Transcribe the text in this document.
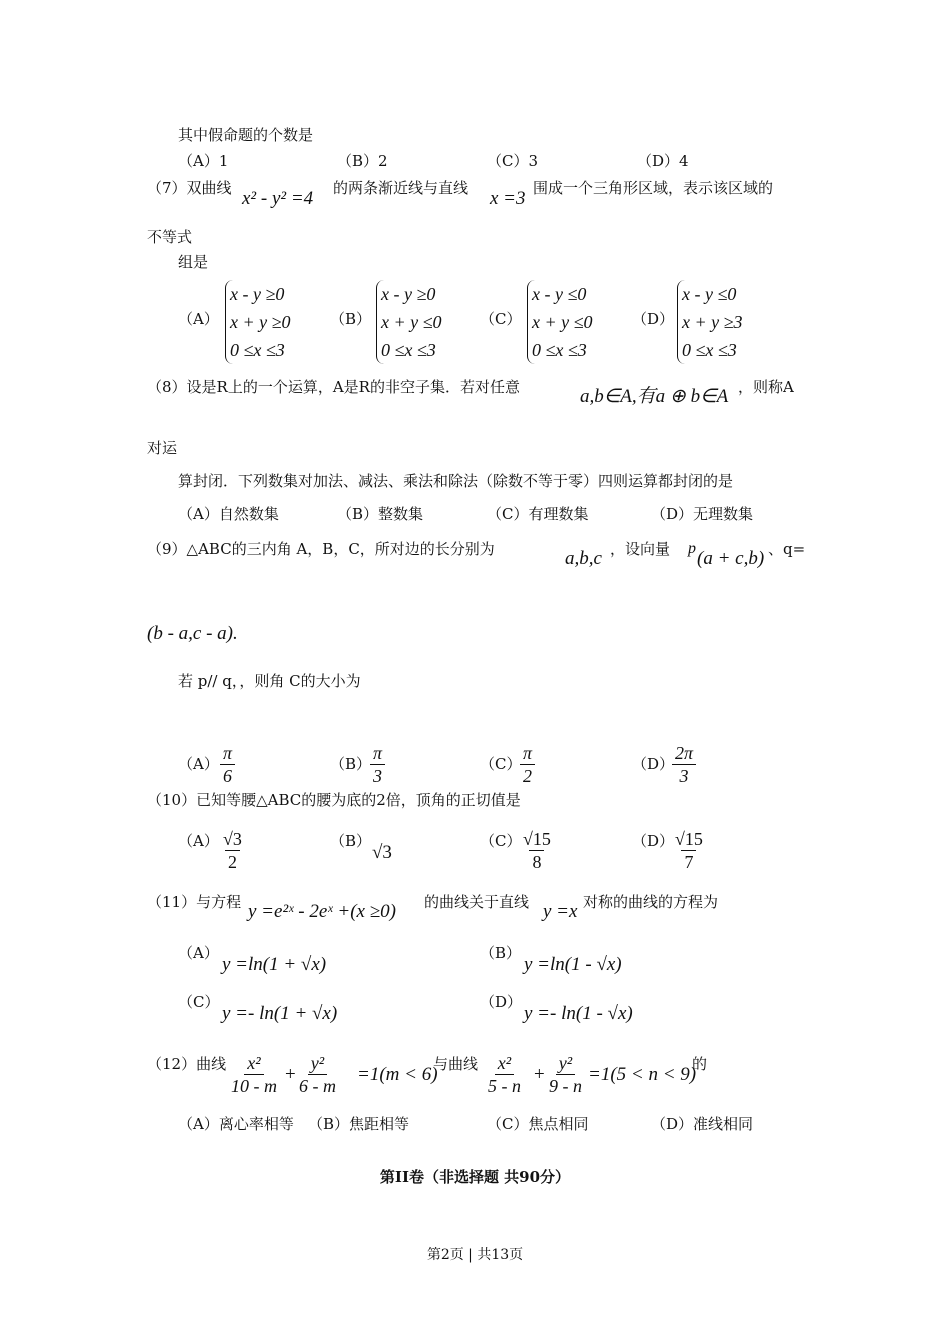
其中假命题的个数是
（A）1	（B）2	（C）3	（D）4
（7）双曲线 x² - y² =4 的两条渐近线与直线 x =3 围成一个三角形区域，表示该区域的
不等式
组是
（A）
x - y ≥0
x + y ≥0
0 ≤x ≤3
（B）
x - y ≥0
x + y ≤0
0 ≤x ≤3
（C）
x - y ≤0
x + y ≤0
0 ≤x ≤3
（D）
x - y ≤0
x + y ≥3
0 ≤x ≤3
（8）设是R上的一个运算，A是R的非空子集．若对任意	a,b∈A,有a ⊕ b∈A ，则称A
对运
算封闭．下列数集对加法、减法、乘法和除法（除数不等于零）四则运算都封闭的是
（A）自然数集	（B）整数集	（C）有理数集	（D）无理数集
（9）△ABC的三内角 A，B，C，所对边的长分别为	a,b,c ，设向量 p (a + c,b) 、q=
(b - a,c - a).
若 p// q，，则角 C的大小为
$(A) \frac{\pi}{6}$	（B）
$\frac{\pi}{3}$	（C）
$\frac{\pi}{2}$	（D）
$\frac{2\pi}{3}$
（10）已知等腰△ABC的腰为底的2倍，顶角的正切值是
$(A) \frac{√3}{2}$	（B）
√3
（C）
$\frac{√15}{8}$	（D）
$\frac{√15}{7}$
（11）与方程 y =e²ˣ - 2eˣ +(x ≥0) 的曲线关于直线 y =x 对称的曲线的方程为
（A）
y =ln(1 + √x)
（B）
y =ln(1 - √x)
（C）
y =- ln(1 + √x)
（D）
y =- ln(1 - √x)
（12）曲线 $\frac{\text{x²}}{10 - m} + \frac{\text{y²}}{6 - m} =1(m < 6)$
与曲线 $\frac{\text{x²}}{5 - n} + \frac{\text{y²}}{9 - n} =1(5 < n < 9)$
的
（A）离心率相等 （B）焦距相等	（C）焦点相同	（D）准线相同
第II卷（非选择题 共90分）
第2页 | 共13页
